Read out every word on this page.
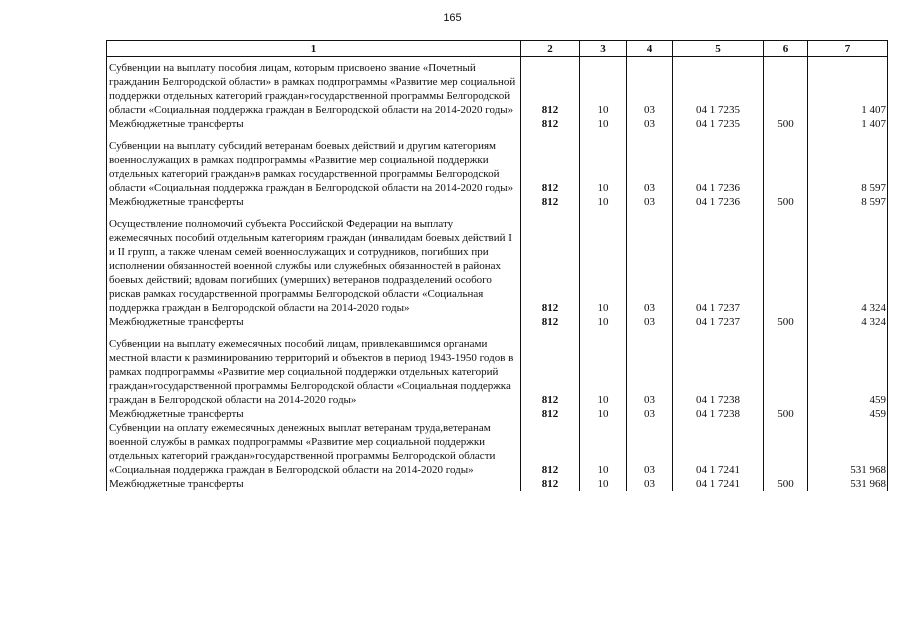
165
1	2	3	4	5	6	7
Субвенции на выплату пособия лицам, которым присвоено звание «Почетный гражданин Белгородской области» в рамках подпрограммы «Развитие мер социальной поддержки отдельных категорий граждан»государственной программы Белгородской области «Социальная поддержка граждан в Белгородской области на 2014-2020 годы»	812	10	03	04 1 7235		1 407
Межбюджетные трансферты	812	10	03	04 1 7235	500	1 407
Субвенции на выплату субсидий ветеранам боевых действий и другим категориям военнослужащих в рамках подпрограммы «Развитие мер социальной поддержки отдельных категорий граждан»в рамках государственной программы Белгородской области «Социальная поддержка граждан в Белгородской области на 2014-2020 годы»	812	10	03	04 1 7236		8 597
Межбюджетные трансферты	812	10	03	04 1 7236	500	8 597
Осуществление полномочий субъекта Российской Федерации на выплату ежемесячных пособий отдельным категориям граждан (инвалидам боевых действий I и II групп, а также членам семей военнослужащих и сотрудников, погибших при исполнении обязанностей военной службы или служебных обязанностей в районах боевых действий; вдовам погибших (умерших) ветеранов подразделений особого рискав рамках государственной программы Белгородской области «Социальная поддержка граждан в Белгородской области на 2014-2020 годы»	812	10	03	04 1 7237		4 324
Межбюджетные трансферты	812	10	03	04 1 7237	500	4 324
Субвенции на выплату ежемесячных пособий лицам, привлекавшимся органами местной власти к разминированию территорий и объектов в период 1943-1950 годов в рамках подпрограммы «Развитие мер социальной поддержки отдельных категорий граждан»государственной программы Белгородской области «Социальная поддержка граждан в Белгородской области на 2014-2020 годы»	812	10	03	04 1 7238		459
Межбюджетные трансферты	812	10	03	04 1 7238	500	459
Субвенции на оплату ежемесячных денежных выплат ветеранам труда,ветеранам военной службы в рамках подпрограммы «Развитие мер социальной поддержки отдельных категорий граждан»государственной программы Белгородской области «Социальная поддержка граждан в Белгородской области на 2014-2020 годы»	812	10	03	04 1 7241		531 968
Межбюджетные трансферты	812	10	03	04 1 7241	500	531 968
